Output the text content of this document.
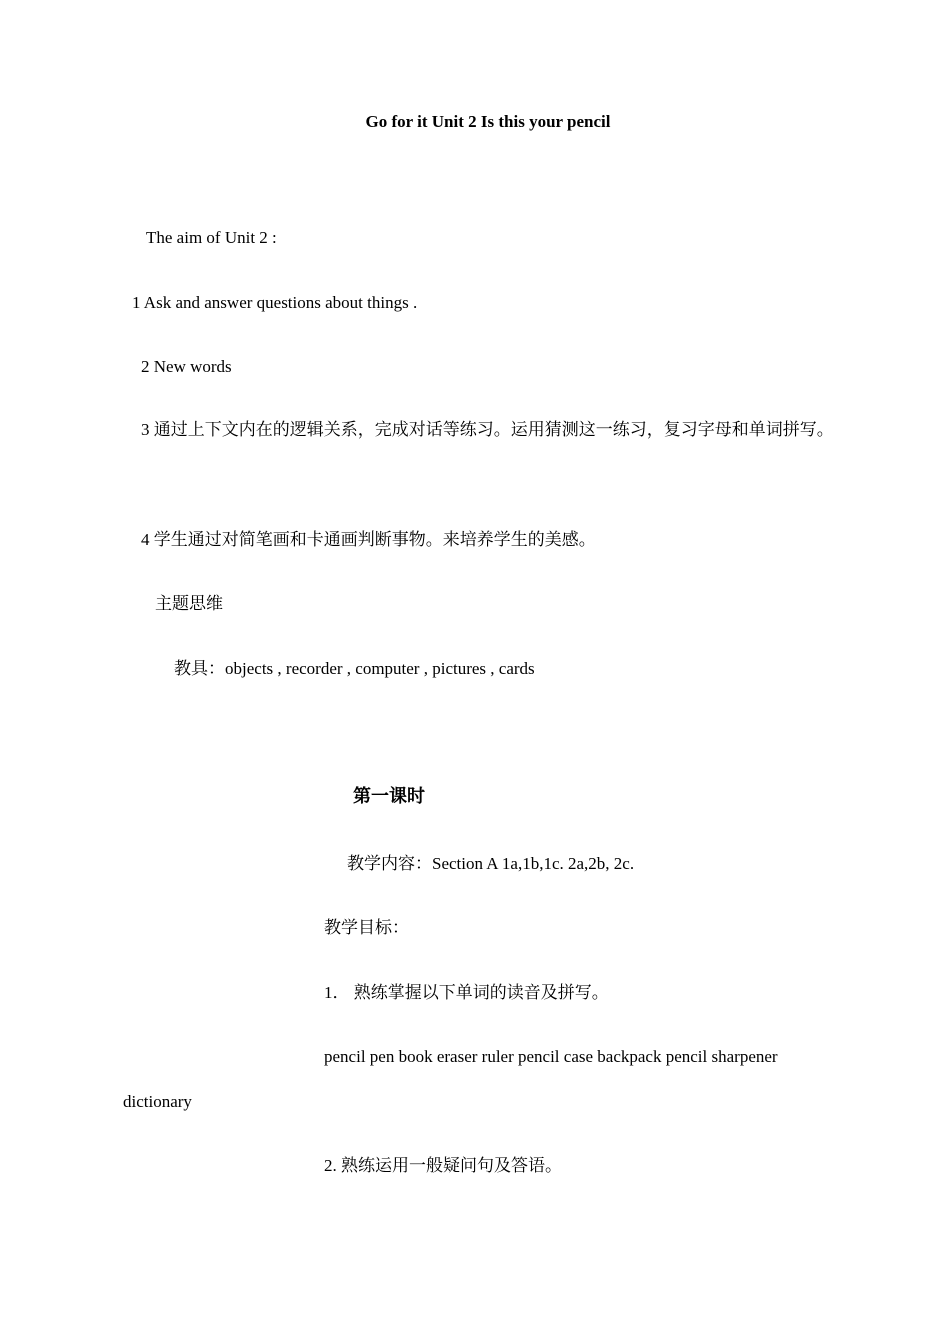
Go for it Unit 2 Is this your pencil
The aim of Unit 2 :
1 Ask and answer questions about things .
2 New words
3 通过上下文内在的逻辑关系，完成对话等练习。运用猜测这一练习，复习字母和单词拼写。
4 学生通过对简笔画和卡通画判断事物。来培养学生的美感。
主题思维
教具：objects , recorder , computer , pictures , cards
第一课时
教学内容：Section A 1a,1b,1c. 2a,2b, 2c.
教学目标：
1． 熟练掌握以下单词的读音及拼写。
pencil pen book eraser ruler pencil case backpack pencil sharpener
dictionary
2. 熟练运用一般疑问句及答语。
